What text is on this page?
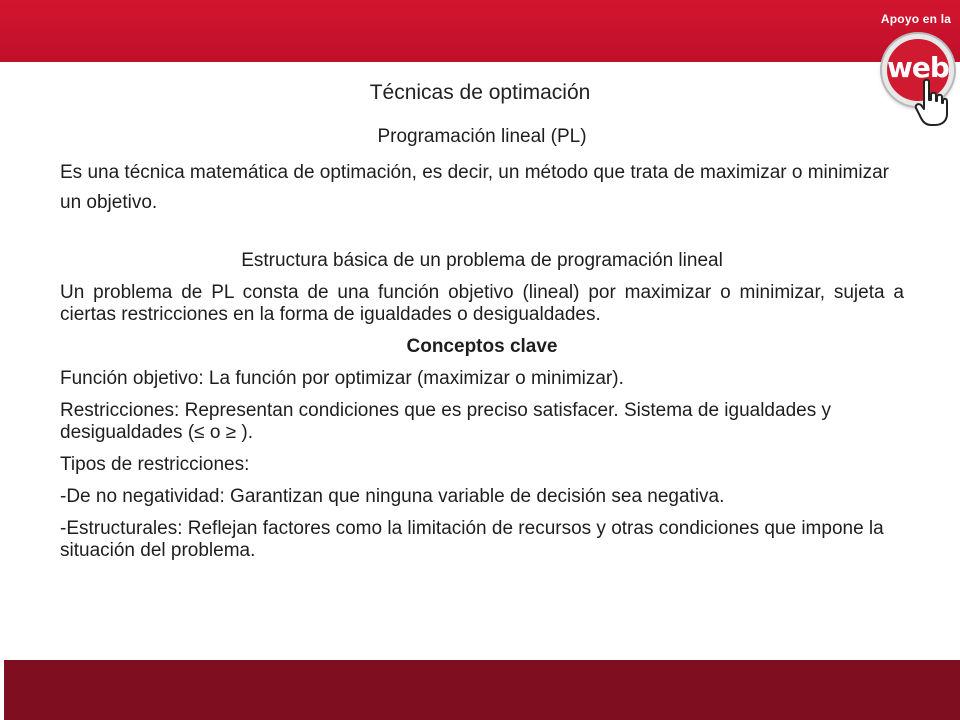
Apoyo en la
web
Técnicas de optimación

Programación lineal (PL)

Es una técnica matemática de optimación, es decir, un método que trata de maximizar o minimizar un objetivo.

Estructura básica de un problema de programación lineal

Un problema de PL consta de una función objetivo (lineal) por maximizar o minimizar, sujeta a ciertas restricciones en la forma de igualdades o desigualdades.

Conceptos clave

Función objetivo: La función por optimizar (maximizar o minimizar).

Restricciones: Representan condiciones que es preciso satisfacer. Sistema de igualdades y desigualdades (≤ o ≥ ).

Tipos de restricciones:

-De no negatividad: Garantizan que ninguna variable de decisión sea negativa.

-Estructurales: Reflejan factores como la limitación de recursos y otras condiciones que impone la situación del problema.
